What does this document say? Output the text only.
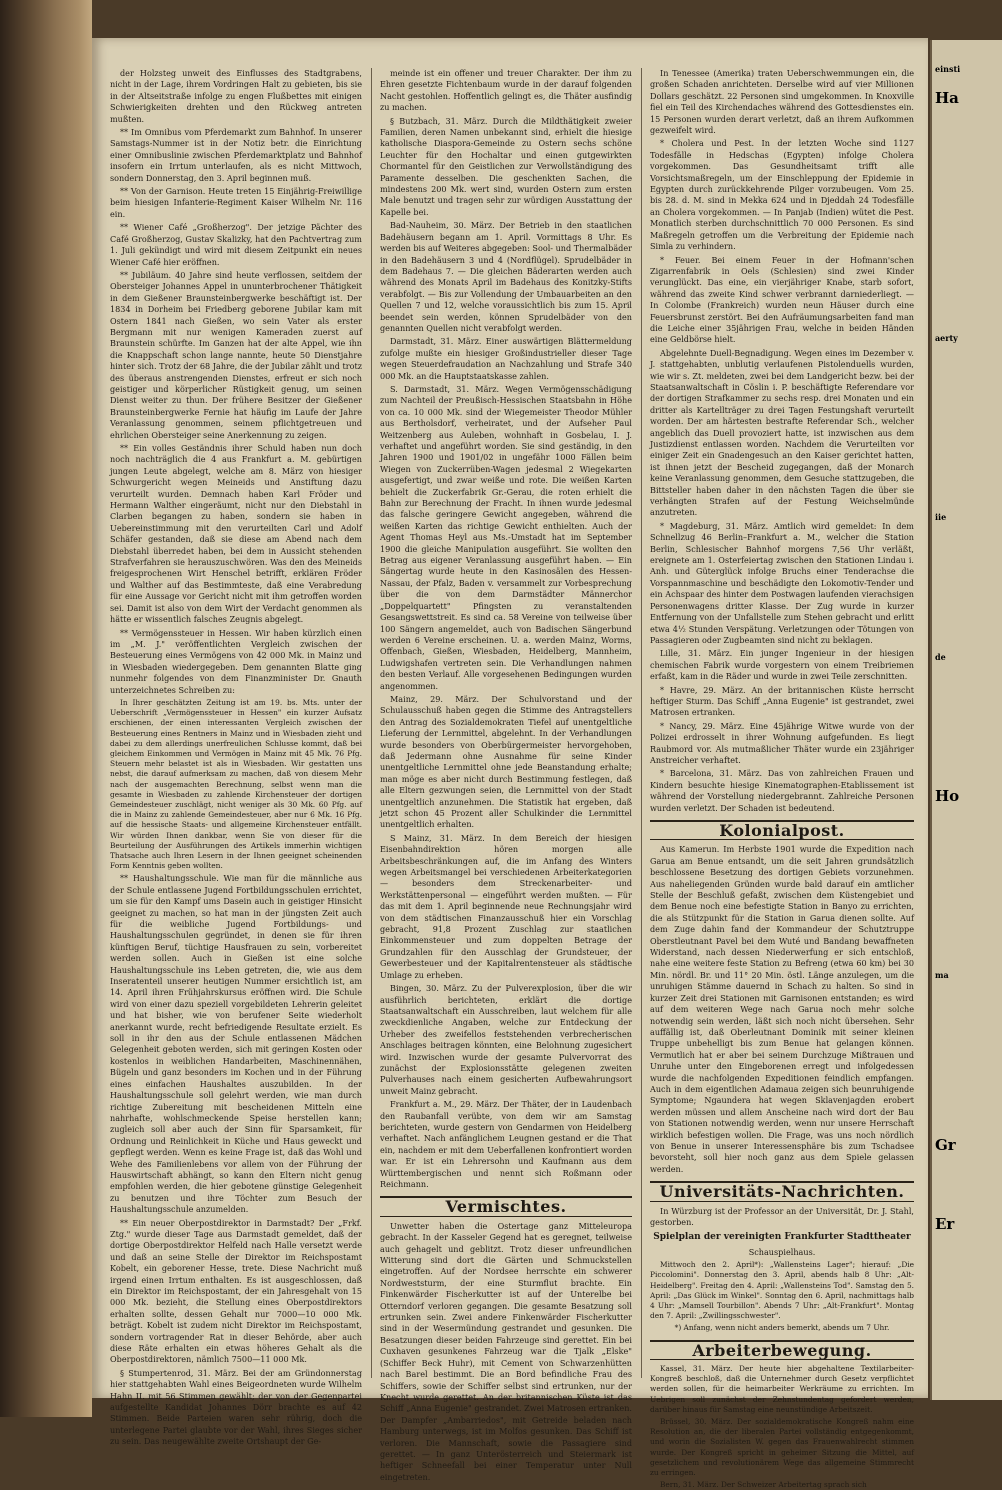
der Holzsteg unweit des Einflusses des Stadtgrabens, nicht in der Lage, ihrem Vordringen Halt zu gebieten, bis sie in der Altseitstraße infolge zu engen Flußbettes mit einigen Schwierigkeiten drehten und den Rückweg antreten mußten.

** Im Omnibus vom Pferdemarkt zum Bahnhof. In unserer Samstags-Nummer ist in der Notiz betr. die Einrichtung einer Omnibuslinie zwischen Pferdemarktplatz und Bahnhof insofern ein Irrtum unterlaufen, als es nicht Mittwoch, sondern Donnerstag, den 3. April beginnen muß.

** Von der Garnison. Heute treten 15 Einjährig-Freiwillige beim hiesigen Infanterie-Regiment Kaiser Wilhelm Nr. 116 ein.

** Wiener Café „Großherzog". Der jetzige Pächter des Café Großherzog, Gustav Skalizky, hat den Pachtvertrag zum 1. Juli gekündigt und wird mit diesem Zeitpunkt ein neues Wiener Café hier eröffnen.

** Jubiläum. 40 Jahre sind heute verflossen, seitdem der Obersteiger Johannes Appel in ununterbrochener Thätigkeit in dem Gießener Braunsteinbergwerke beschäftigt ist. Der 1834 in Dorheim bei Friedberg geborene Jubilar kam mit Ostern 1841 nach Gießen, wo sein Vater als erster Bergmann mit nur wenigen Kameraden zuerst auf Braunstein schürfte. Im Ganzen hat der alte Appel, wie ihn die Knappschaft schon lange nannte, heute 50 Dienstjahre hinter sich. Trotz der 68 Jahre, die der Jubilar zählt und trotz des überaus anstrengenden Dienstes, erfreut er sich noch geistiger und körperlicher Rüstigkeit genug, um seinen Dienst weiter zu thun. Der frühere Besitzer der Gießener Braunsteinbergwerke Fernie hat häufig im Laufe der Jahre Veranlassung genommen, seinem pflichtgetreuen und ehrlichen Obersteiger seine Anerkennung zu zeigen.

** Ein volles Geständnis ihrer Schuld haben nun doch noch nachträglich die 4 aus Frankfurt a. M. gebürtigen jungen Leute abgelegt, welche am 8. März von hiesiger Schwurgericht wegen Meineids und Anstiftung dazu verurteilt wurden. Demnach haben Karl Fröder und Hermann Walther eingeräumt, nicht nur den Diebstahl in Clarben begangen zu haben, sondern sie haben in Uebereinstimmung mit den verurteilten Carl und Adolf Schäfer gestanden, daß sie diese am Abend nach dem Diebstahl überredet haben, bei dem in Aussicht stehenden Strafverfahren sie herauszuschwören. Was den des Meineids freigesprochenen Wirt Henschel betrifft, erklären Fröder und Walther auf das Bestimmteste, daß eine Verabredung für eine Aussage vor Gericht nicht mit ihm getroffen worden sei. Damit ist also von dem Wirt der Verdacht genommen als hätte er wissentlich falsches Zeugnis abgelegt.

** Vermögenssteuer in Hessen. Wir haben kürzlich einen im „M. J." veröffentlichten Vergleich zwischen der Besteuerung eines Vermögens von 42 000 Mk. in Mainz und in Wiesbaden wiedergegeben. Dem genannten Blatte ging nunmehr folgendes von dem Finanzminister Dr. Gnauth unterzeichnetes Schreiben zu:

In Ihrer geschätzten Zeitung ist am 19. bs. Mts. unter der Ueberschrift „Vermögenssteuer in Hessen" ein kurzer Aufsatz erschienen, der einen interessanten Vergleich zwischen der Besteuerung eines Rentners in Mainz und in Wiesbaden zieht und dabei zu dem allerdings unerfreulichen Schlusse kommt, daß bei gleichem Einkommen und Vermögen in Mainz mit 45 Mk. 76 Pfg. Steuern mehr belastet ist als in Wiesbaden. Wir gestatten uns nebst, die darauf aufmerksam zu machen, daß von diesem Mehr nach der ausgemachten Berechnung, selbst wenn man die gesamte in Wiesbaden zu zahlende Kirchensteuer der dortigen Gemeindesteuer zuschlägt, nicht weniger als 30 Mk. 60 Pfg. auf die in Mainz zu zahlende Gemeindesteuer, aber nur 6 Mk. 16 Pfg. auf die hessische Staats- und allgemeine Kirchensteuer entfällt. Wir würden Ihnen dankbar, wenn Sie von dieser für die Beurteilung der Ausführungen des Artikels immerhin wichtigen Thatsache auch Ihren Lesern in der Ihnen geeignet scheinenden Form Kenntnis geben wollten.

** Haushaltungsschule. Wie man für die männliche aus der Schule entlassene Jugend Fortbildungsschulen errichtet, um sie für den Kampf ums Dasein auch in geistiger Hinsicht geeignet zu machen, so hat man in der jüngsten Zeit auch für die weibliche Jugend Fortbildungs- und Haushaltungsschulen gegründet, in denen sie für ihren künftigen Beruf, tüchtige Hausfrauen zu sein, vorbereitet werden sollen. Auch in Gießen ist eine solche Haushaltungsschule ins Leben getreten, die, wie aus dem Inseratenteil unserer heutigen Nummer ersichtlich ist, am 14. April ihren Frühjahrskursus eröffnen wird. Die Schule wird von einer dazu speziell vorgebildeten Lehrerin geleitet und hat bisher, wie von berufener Seite wiederholt anerkannt wurde, recht befriedigende Resultate erzielt. Es soll in ihr den aus der Schule entlassenen Mädchen Gelegenheit geboten werden, sich mit geringen Kosten oder kostenlos in weiblichen Handarbeiten, Maschinennähen, Bügeln und ganz besonders im Kochen und in der Führung eines einfachen Haushaltes auszubilden. In der Haushaltungsschule soll gelehrt werden, wie man durch richtige Zubereitung mit bescheidenen Mitteln eine nahrhafte, wohlschmeckende Speise herstellen kann; zugleich soll aber auch der Sinn für Sparsamkeit, für Ordnung und Reinlichkeit in Küche und Haus geweckt und gepflegt werden. Wenn es keine Frage ist, daß das Wohl und Wehe des Familienlebens vor allem von der Führung der Hauswirtschaft abhängt, so kann den Eltern nicht genug empfohlen werden, die hier gebotene günstige Gelegenheit zu benutzen und ihre Töchter zum Besuch der Haushaltungsschule anzumelden.

** Ein neuer Oberpostdirektor in Darmstadt? Der „Frkf. Ztg." wurde dieser Tage aus Darmstadt gemeldet, daß der dortige Oberpostdirektor Helfeld nach Halle versetzt werde und daß an seine Stelle der Direktor im Reichspostamt Kobelt, ein geborener Hesse, trete. Diese Nachricht muß irgend einen Irrtum enthalten. Es ist ausgeschlossen, daß ein Direktor im Reichspostamt, der ein Jahresgehalt von 15 000 Mk. bezieht, die Stellung eines Oberpostdirektors erhalten sollte, dessen Gehalt nur 7000—10 000 Mk. beträgt. Kobelt ist zudem nicht Direktor im Reichspostamt, sondern vortragender Rat in dieser Behörde, aber auch diese Räte erhalten ein etwas höheres Gehalt als die Oberpostdirektoren, nämlich 7500—11 000 Mk.

§ Stumpertenrod, 31. März. Bei der am Gründonnerstag hier stattgehabten Wahl eines Beigeordneten wurde Wilhelm Hahn II. mit 56 Stimmen gewählt; der von der Gegenpartei aufgestellte Kandidat Johannes Dörr brachte es auf 42 Stimmen. Beide Parteien waren sehr rührig, doch die unterlegene Partei glaubte vor der Wahl, ihres Sieges sicher zu sein. Das neugewählte zweite Ortshaupt der Ge-

meinde ist ein offener und treuer Charakter. Der ihm zu Ehren gesetzte Fichtenbaum wurde in der darauf folgenden Nacht gestohlen. Hoffentlich gelingt es, die Thäter ausfindig zu machen.

§ Butzbach, 31. März. Durch die Mildthätigkeit zweier Familien, deren Namen unbekannt sind, erhielt die hiesige katholische Diaspora-Gemeinde zu Ostern sechs schöne Leuchter für den Hochaltar und einen gutgewirkten Chormantel für den Geistlichen zur Verwollständigung des Paramente desselben. Die geschenkten Sachen, die mindestens 200 Mk. wert sind, wurden Ostern zum ersten Male benutzt und tragen sehr zur würdigen Ausstattung der Kapelle bei.

Bad-Nauheim, 30. März. Der Betrieb in den staatlichen Badehäusern begann am 1. April. Vormittags 8 Uhr. Es werden bis auf Weiteres abgegeben: Sool- und Thermalbäder in den Badehäusern 3 und 4 (Nordflügel). Sprudelbäder in dem Badehaus 7. — Die gleichen Bäderarten werden auch während des Monats April im Badehaus des Konitzky-Stifts verabfolgt. — Bis zur Vollendung der Umbauarbeiten an den Quellen 7 und 12, welche voraussichtlich bis zum 15. April beendet sein werden, können Sprudelbäder von den genannten Quellen nicht verabfolgt werden.

Darmstadt, 31. März. Einer auswärtigen Blättermeldung zufolge mußte ein hiesiger Großindustrieller dieser Tage wegen Steuerdefraudation an Nachzahlung und Strafe 340 000 Mk. an die Hauptstaatskasse zahlen.

S. Darmstadt, 31. März. Wegen Vermögensschädigung zum Nachteil der Preußisch-Hessischen Staatsbahn in Höhe von ca. 10 000 Mk. sind der Wiegemeister Theodor Mühler aus Bertholsdorf, verheiratet, und der Aufseher Paul Weitzenberg aus Auleben, wohnhaft in Gosbelau, I. J. verhaftet und angeführt worden. Sie sind geständig, in den Jahren 1900 und 1901/02 in ungefähr 1000 Fällen beim Wiegen von Zuckerrüben-Wagen jedesmal 2 Wiegekarten ausgefertigt, und zwar weiße und rote. Die weißen Karten behielt die Zuckerfabrik Gr.-Gerau, die roten erhielt die Bahn zur Berechnung der Fracht. In ihnen wurde jedesmal das falsche geringere Gewicht angegeben, während die weißen Karten das richtige Gewicht enthielten. Auch der Agent Thomas Heyl aus Ms.-Umstadt hat im September 1900 die gleiche Manipulation ausgeführt. Sie wollten den Betrag aus eigener Veranlassung ausgeführt haben. — Ein Sängertag wurde heute in den Kasinosälen des Hessen-Nassau, der Pfalz, Baden v. versammelt zur Vorbesprechung über die von dem Darmstädter Männerchor „Doppelquartett" Pfingsten zu veranstaltenden Gesangswettstreit. Es sind ca. 58 Vereine von teilweise über 100 Sängern angemeldet, auch von Badischen Sängerbund werden 6 Vereine erscheinen. U. a. werden Mainz, Worms, Offenbach, Gießen, Wiesbaden, Heidelberg, Mannheim, Ludwigshafen vertreten sein. Die Verhandlungen nahmen den besten Verlauf. Alle vorgesehenen Bedingungen wurden angenommen.

Mainz, 29. März. Der Schulvorstand und der Schulausschuß haben gegen die Stimme des Antragstellers den Antrag des Sozialdemokraten Tiefel auf unentgeltliche Lieferung der Lernmittel, abgelehnt. In der Verhandlungen wurde besonders von Oberbürgermeister hervorgehoben, daß Jedermann ohne Ausnahme für seine Kinder unentgeltliche Lernmittel ohne jede Beanstandung erhalte; man möge es aber nicht durch Bestimmung festlegen, daß alle Eltern gezwungen seien, die Lernmittel von der Stadt unentgeltlich anzunehmen. Die Statistik hat ergeben, daß jetzt schon 45 Prozent aller Schulkinder die Lernmittel unentgeltlich erhalten.

S Mainz, 31. März. In dem Bereich der hiesigen Eisenbahndirektion hören morgen alle Arbeitsbeschränkungen auf, die im Anfang des Winters wegen Arbeitsmangel bei verschiedenen Arbeiterkategorien — besonders dem Streckenarbeiter- und Werkstättenpersonal — eingeführt werden mußten. — Für das mit dem 1. April beginnende neue Rechnungsjahr wird von dem städtischen Finanzausschuß hier ein Vorschlag gebracht, 91,8 Prozent Zuschlag zur staatlichen Einkommensteuer und zum doppelten Betrage der Grundzahlen für den Ausschlag der Grundsteuer, der Gewerbesteuer und der Kapitalrentensteuer als städtische Umlage zu erheben.

Bingen, 30. März. Zu der Pulverexplosion, über die wir ausführlich berichteten, erklärt die dortige Staatsanwaltschaft ein Ausschreiben, laut welchem für alle zweckdienliche Angaben, welche zur Entdeckung der Urheber des zweifellos feststehenden verbrecherischen Anschlages beitragen könnten, eine Belohnung zugesichert wird. Inzwischen wurde der gesamte Pulvervorrat des zunächst der Explosionsstätte gelegenen zweiten Pulverhauses nach einem gesicherten Aufbewahrungsort unweit Mainz gebracht.

Frankfurt a. M., 29. März. Der Thäter, der in Laudenbach den Raubanfall verübte, von dem wir am Samstag berichteten, wurde gestern von Gendarmen von Heidelberg verhaftet. Nach anfänglichem Leugnen gestand er die That ein, nachdem er mit dem Ueberfallenen konfrontiert worden war. Er ist ein Lehrersohn und Kaufmann aus dem Württembergischen und nennt sich Roßmann oder Reichmann.

Vermischtes.

Unwetter haben die Ostertage ganz Mitteleuropa gebracht. In der Kasseler Gegend hat es geregnet, teilweise auch gehagelt und geblitzt. Trotz dieser unfreundlichen Witterung sind dort die Gärten und Schmuckstellen eingetroffen. Auf der Nordsee herrschte ein schwerer Nordweststurm, der eine Sturmflut brachte. Ein Finkenwärder Fischerkutter ist auf der Unterelbe bei Otterndorf verloren gegangen. Die gesamte Besatzung soll ertrunken sein. Zwei andere Finkenwärder Fischerkutter sind in der Wesermündung gestrandet und gesunken. Die Besatzungen dieser beiden Fahrzeuge sind gerettet. Ein bei Cuxhaven gesunkenes Fahrzeug war die Tjalk „Elske" (Schiffer Beck Huhr), mit Cement von Schwarzenhütten nach Barel bestimmt. Die an Bord befindliche Frau des Schiffers, sowie der Schiffer selbst sind ertrunken, nur der Knecht wurde gerettet. An der britannischen Küste ist das Schiff „Anna Eugenie" gestrandet. Zwei Matrosen ertranken. Der Dampfer „Ambarriedos", mit Getreide beladen nach Hamburg unterwegs, ist im Molfos gesunken. Das Schiff ist verloren. Die Mannschaft, sowie die Passagiere sind gerettet. — In ganz Unterösterreich und Steiermark ist heftiger Schneefall bei einer Temperatur unter Null eingetreten.

In Tenessee (Amerika) traten Ueberschwemmungen ein, die großen Schaden anrichteten. Derselbe wird auf vier Millionen Dollars geschätzt. 22 Personen sind umgekommen. In Knoxville fiel ein Teil des Kirchendaches während des Gottesdienstes ein. 15 Personen wurden derart verletzt, daß an ihrem Aufkommen gezweifelt wird.

* Cholera und Pest. In der letzten Woche sind 1127 Todesfälle in Hedschas (Egypten) infolge Cholera vorgekommen. Das Gesundheitsamt trifft alle Vorsichtsmaßregeln, um der Einschleppung der Epidemie in Egypten durch zurückkehrende Pilger vorzubeugen. Vom 25. bis 28. d. M. sind in Mekka 624 und in Djeddah 24 Todesfälle an Cholera vorgekommen. — In Panjab (Indien) wütet die Pest. Monatlich sterben durchschnittlich 70 000 Personen. Es sind Maßregeln getroffen um die Verbreitung der Epidemie nach Simla zu verhindern.

* Feuer. Bei einem Feuer in der Hofmann'schen Zigarrenfabrik in Oels (Schlesien) sind zwei Kinder verunglückt. Das eine, ein vierjähriger Knabe, starb sofort, während das zweite Kind schwer verbrannt darniederliegt. — In Colombe (Frankreich) wurden neun Häuser durch eine Feuersbrunst zerstört. Bei den Aufräumungsarbeiten fand man die Leiche einer 35jährigen Frau, welche in beiden Händen eine Geldbörse hielt.

Abgelehnte Duell-Begnadigung. Wegen eines im Dezember v. J. stattgehabten, unblutig verlaufenen Pistolenduells wurden, wie wir s. Zt. meldeten, zwei bei dem Landgericht bezw. bei der Staatsanwaltschaft in Cöslin i. P. beschäftigte Referendare vor der dortigen Strafkammer zu sechs resp. drei Monaten und ein dritter als Kartellträger zu drei Tagen Festungshaft verurteilt worden. Der am härtesten bestrafte Referendar Sch., welcher angeblich das Duell provoziert hatte, ist inzwischen aus dem Justizdienst entlassen worden. Nachdem die Verurteilten vor einiger Zeit ein Gnadengesuch an den Kaiser gerichtet hatten, ist ihnen jetzt der Bescheid zugegangen, daß der Monarch keine Veranlassung genommen, dem Gesuche stattzugeben, die Bittsteller haben daher in den nächsten Tagen die über sie verhängten Strafen auf der Festung Weichselmünde anzutreten.

* Magdeburg, 31. März. Amtlich wird gemeldet: In dem Schnellzug 46 Berlin–Frankfurt a. M., welcher die Station Berlin, Schlesischer Bahnhof morgens 7,56 Uhr verläßt, ereignete am 1. Osterfeiertag zwischen den Stationen Lindau i. Anh. und Güterglück infolge Bruchs einer Tenderachse die Vorspannmaschine und beschädigte den Lokomotiv-Tender und ein Achspaar des hinter dem Postwagen laufenden vierachsigen Personenwagens dritter Klasse. Der Zug wurde in kurzer Entfernung von der Unfallstelle zum Stehen gebracht und erlitt etwa 4½ Stunden Verspätung. Verletzungen oder Tötungen von Passagieren oder Zugbeamten sind nicht zu beklagen.

Lille, 31. März. Ein junger Ingenieur in der hiesigen chemischen Fabrik wurde vorgestern von einem Treibriemen erfaßt, kam in die Räder und wurde in zwei Teile zerschnitten.

* Havre, 29. März. An der britannischen Küste herrscht heftiger Sturm. Das Schiff „Anna Eugenie" ist gestrandet, zwei Matrosen ertranken.

* Nancy, 29. März. Eine 45jährige Witwe wurde von der Polizei erdrosselt in ihrer Wohnung aufgefunden. Es liegt Raubmord vor. Als mutmaßlicher Thäter wurde ein 23jähriger Anstreicher verhaftet.

* Barcelona, 31. März. Das von zahlreichen Frauen und Kindern besuchte hiesige Kinematographen-Etablissement ist während der Vorstellung niedergebrannt. Zahlreiche Personen wurden verletzt. Der Schaden ist bedeutend.

Kolonialpost.

Aus Kamerun. Im Herbste 1901 wurde die Expedition nach Garua am Benue entsandt, um die seit Jahren grundsätzlich beschlossene Besetzung des dortigen Gebiets vorzunehmen. Aus naheliegenden Gründen wurde bald darauf ein amtlicher Stelle der Beschluß gefaßt, zwischen dem Küstengebiet und dem Benue noch eine befestigte Station in Banyo zu errichten, die als Stützpunkt für die Station in Garua dienen sollte. Auf dem Zuge dahin fand der Kommandeur der Schutztruppe Oberstleutnant Pavel bei dem Wuté und Bandang bewaffneten Widerstand, nach dessen Niederwerfung er sich entschloß, nahe eine weitere feste Station zu Befreng (etwa 60 km) bei 30 Min. nördl. Br. und 11° 20 Min. östl. Länge anzulegen, um die unruhigen Stämme dauernd in Schach zu halten. So sind in kurzer Zeit drei Stationen mit Garnisonen entstanden; es wird auf dem weiteren Wege nach Garua noch mehr solche notwendig sein werden, läßt sich noch nicht übersehen. Sehr auffällig ist, daß Oberleutnant Dominik mit seiner kleinen Truppe unbehelligt bis zum Benue hat gelangen können. Vermutlich hat er aber bei seinem Durchzuge Mißtrauen und Unruhe unter den Eingeborenen erregt und infolgedessen wurde die nachfolgenden Expeditionen feindlich empfangen. Auch in dem eigentlichen Adamaua zeigen sich beunruhigende Symptome; Ngaundera hat wegen Sklavenjagden erobert werden müssen und allem Anscheine nach wird dort der Bau von Stationen notwendig werden, wenn nur unsere Herrschaft wirklich befestigen wollen. Die Frage, was uns noch nördlich von Benue in unserer Interessensphäre bis zum Tschadsee bevorsteht, soll hier noch ganz aus dem Spiele gelassen werden.

Universitäts-Nachrichten.

In Würzburg ist der Professor an der Universität, Dr. J. Stahl, gestorben.

Spielplan der vereinigten Frankfurter Stadttheater

Schauspielhaus.

Mittwoch den 2. April*): „Wallensteins Lager"; hierauf: „Die Piccolomini". Donnerstag den 3. April, abends halb 8 Uhr: „Alt-Heidelberg". Freitag den 4. April: „Wallensteins Tod". Samstag den 5. April: „Das Glück im Winkel". Sonntag den 6. April, nachmittags halb 4 Uhr: „Mamsell Tourbillon". Abends 7 Uhr: „Alt-Frankfurt". Montag den 7. April: „Zwillingsschwester".

*) Anfang, wenn nicht anders bemerkt, abends um 7 Uhr.

Arbeiterbewegung.

Kassel, 31. März. Der heute hier abgehaltene Textilarbeiter-Kongreß beschloß, daß die Unternehmer durch Gesetz verpflichtet werden sollen, für die heimarbeiter Werkräume zu errichten. Im Uebrigen soll zunächst der Zehnstundentag gefordert werden, darüber hinaus für Samstag eine neunstündige Arbeitszeit.

Brüssel, 30. März. Der sozialdemokratische Kongreß nahm eine Resolution an, die der liberalen Partei vollständig entgegenkommt, und worin die Sozialisten W. gegen das Frauenwahlrecht stimmen wurde. Der Kongreß spricht in geheimer Sitzung die Mittel, auf gesetzlichem und revolutionärem Wege das allgemeine Stimmrecht zu erringen.

Bern, 31. März. Der Schweizer Arbeitertag sprach sich

einsti
Ha
aerty
iie
de
Ho
ma
Gr
Er
